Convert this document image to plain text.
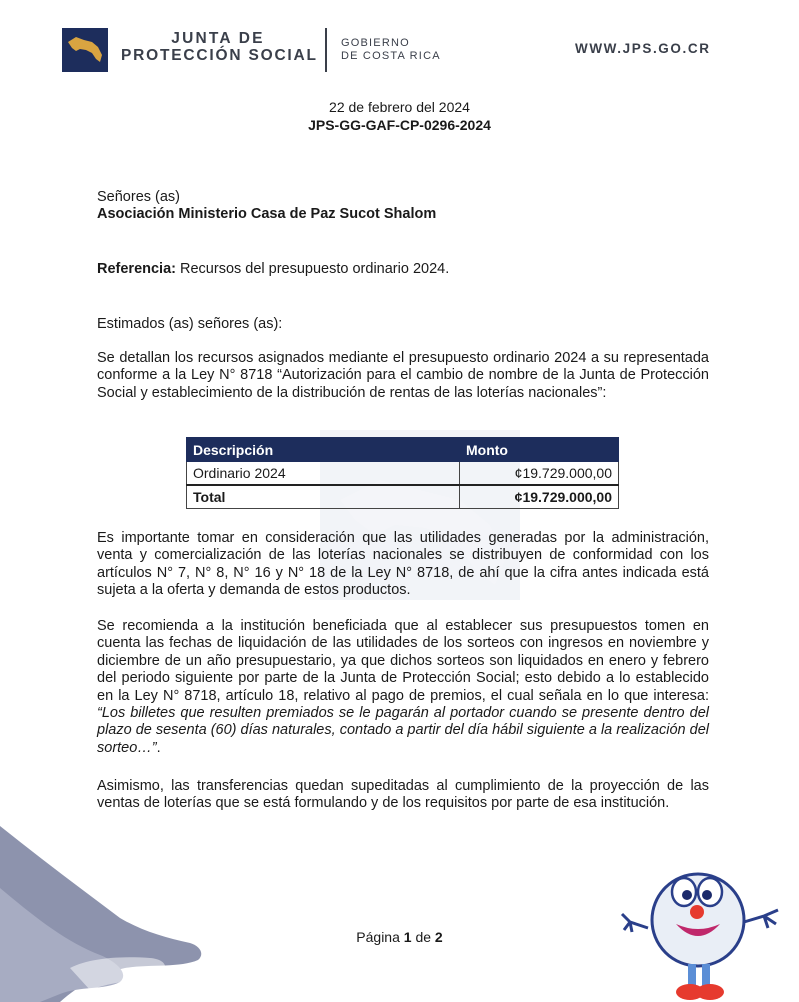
JUNTA DE
PROTECCIÓN SOCIAL
GOBIERNO
DE COSTA RICA	WWW.JPS.GO.CR
22 de febrero del 2024
JPS-GG-GAF-CP-0296-2024
Señores (as)
Asociación Ministerio Casa de Paz Sucot Shalom
Referencia: Recursos del presupuesto ordinario 2024.
Estimados (as) señores (as):

Se detallan los recursos asignados mediante el presupuesto ordinario 2024 a su representada conforme a la Ley N° 8718 “Autorización para el cambio de nombre de la Junta de Protección Social y establecimiento de la distribución de rentas de las loterías nacionales”:

Descripción	Monto
Ordinario 2024	¢19.729.000,00
Total	¢19.729.000,00

Es importante tomar en consideración que las utilidades generadas por la administración, venta y comercialización de las loterías nacionales se distribuyen de conformidad con los artículos N° 7, N° 8, N° 16 y N° 18 de la Ley N° 8718, de ahí que la cifra antes indicada está sujeta a la oferta y demanda de estos productos.

Se recomienda a la institución beneficiada que al establecer sus presupuestos tomen en cuenta las fechas de liquidación de las utilidades de los sorteos con ingresos en noviembre y diciembre de un año presupuestario, ya que dichos sorteos son liquidados en enero y febrero del periodo siguiente por parte de la Junta de Protección Social; esto debido a lo establecido en la Ley N° 8718, artículo 18, relativo al pago de premios, el cual señala en lo que interesa: “Los billetes que resulten premiados se le pagarán al portador cuando se presente dentro del plazo de sesenta (60) días naturales, contado a partir del día hábil siguiente a la realización del sorteo…”.

Asimismo, las transferencias quedan supeditadas al cumplimiento de la proyección de las ventas de loterías que se está formulando y de los requisitos por parte de esa institución.

Página 1 de 2
